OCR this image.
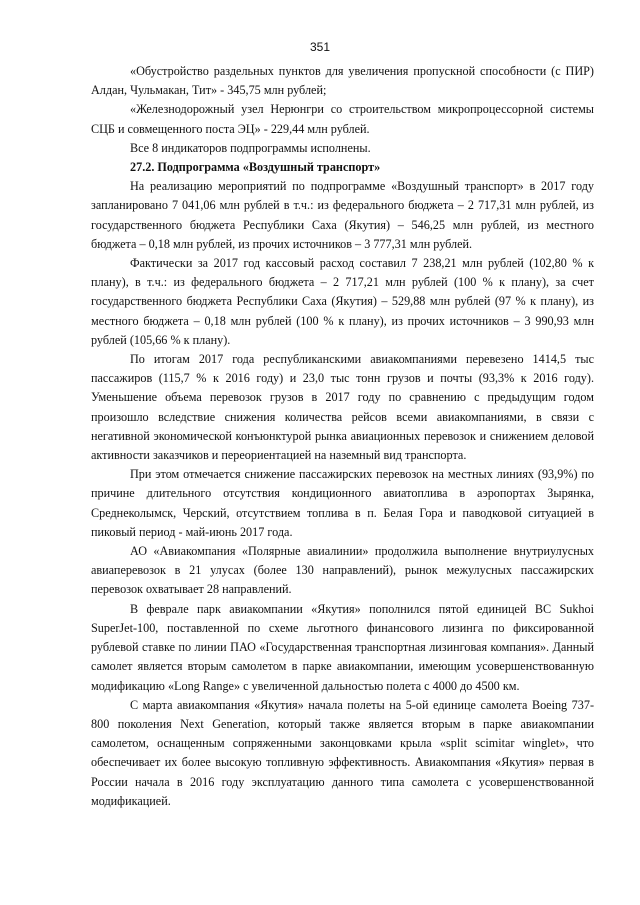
351

«Обустройство раздельных пунктов для увеличения пропускной способности (с ПИР) Алдан, Чульмакан, Тит» - 345,75 млн рублей;

«Железнодорожный узел Нерюнгри со строительством микропроцессорной системы СЦБ и совмещенного поста ЭЦ» - 229,44 млн рублей.

Все 8 индикаторов подпрограммы исполнены.

27.2. Подпрограмма «Воздушный транспорт»

На реализацию мероприятий по подпрограмме «Воздушный транспорт» в 2017 году запланировано 7 041,06 млн рублей в т.ч.: из федерального бюджета – 2 717,31 млн рублей, из государственного бюджета Республики Саха (Якутия) – 546,25 млн рублей, из местного бюджета – 0,18 млн рублей, из прочих источников – 3 777,31 млн рублей.

Фактически за 2017 год кассовый расход составил 7 238,21 млн рублей (102,80 % к плану), в т.ч.: из федерального бюджета – 2 717,21 млн рублей (100 % к плану), за счет государственного бюджета Республики Саха (Якутия) – 529,88 млн рублей (97 % к плану), из местного бюджета – 0,18 млн рублей (100 % к плану), из прочих источников – 3 990,93 млн рублей (105,66 % к плану).

По итогам 2017 года республиканскими авиакомпаниями перевезено 1414,5 тыс пассажиров (115,7 % к 2016 году) и 23,0 тыс тонн грузов и почты (93,3% к 2016 году). Уменьшение объема перевозок грузов в 2017 году по сравнению с предыдущим годом произошло вследствие снижения количества рейсов всеми авиакомпаниями, в связи с негативной экономической конъюнктурой рынка авиационных перевозок и снижением деловой активности заказчиков и переориентацией на наземный вид транспорта.

При этом отмечается снижение пассажирских перевозок на местных линиях (93,9%) по причине длительного отсутствия кондиционного авиатоплива в аэропортах Зырянка, Среднеколымск, Черский, отсутствием топлива в п. Белая Гора и паводковой ситуацией в пиковый период - май-июнь 2017 года.

АО «Авиакомпания «Полярные авиалинии» продолжила выполнение внутриулусных авиаперевозок в 21 улусах (более 130 направлений), рынок межулусных пассажирских перевозок охватывает 28 направлений.

В феврале парк авиакомпании «Якутия» пополнился пятой единицей ВС Sukhoi SuperJet-100, поставленной по схеме льготного финансового лизинга по фиксированной рублевой ставке по линии ПАО «Государственная транспортная лизинговая компания». Данный самолет является вторым самолетом в парке авиакомпании, имеющим усовершенствованную модификацию «Long Range» с увеличенной дальностью полета с 4000 до 4500 км.

С марта авиакомпания «Якутия» начала полеты на 5-ой единице самолета Boeing 737-800 поколения Next Generation, который также является вторым в парке авиакомпании самолетом, оснащенным сопряженными законцовками крыла «split scimitar winglet», что обеспечивает их более высокую топливную эффективность. Авиакомпания «Якутия» первая в России начала в 2016 году эксплуатацию данного типа самолета с усовершенствованной модификацией.
